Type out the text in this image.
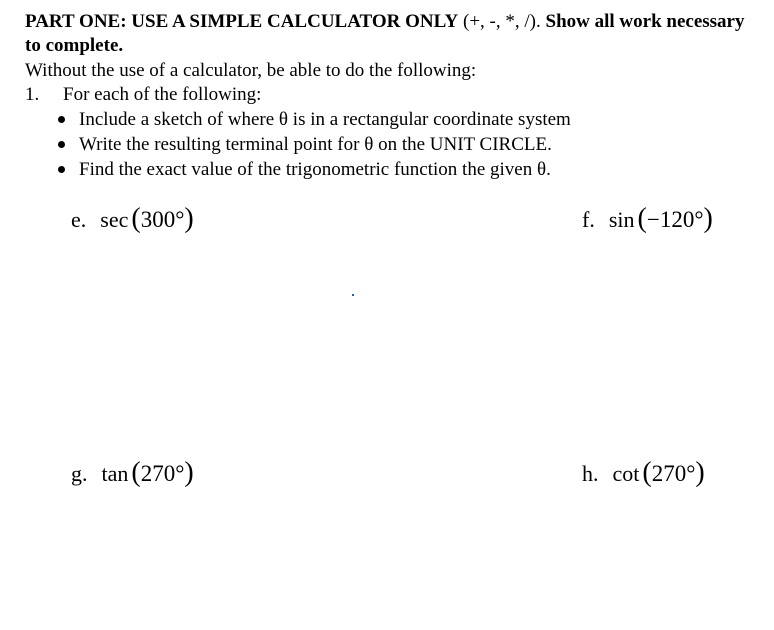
PART ONE: USE A SIMPLE CALCULATOR ONLY (+, -, *, /). Show all work necessary to complete.
Without the use of a calculator, be able to do the following:
1. For each of the following:
Include a sketch of where θ is in a rectangular coordinate system
Write the resulting terminal point for θ on the UNIT CIRCLE.
Find the exact value of the trigonometric function the given θ.
e. sec ( 300° )	f. sin ( −120° )
g. tan ( 270° )	h. cot ( 270° )
